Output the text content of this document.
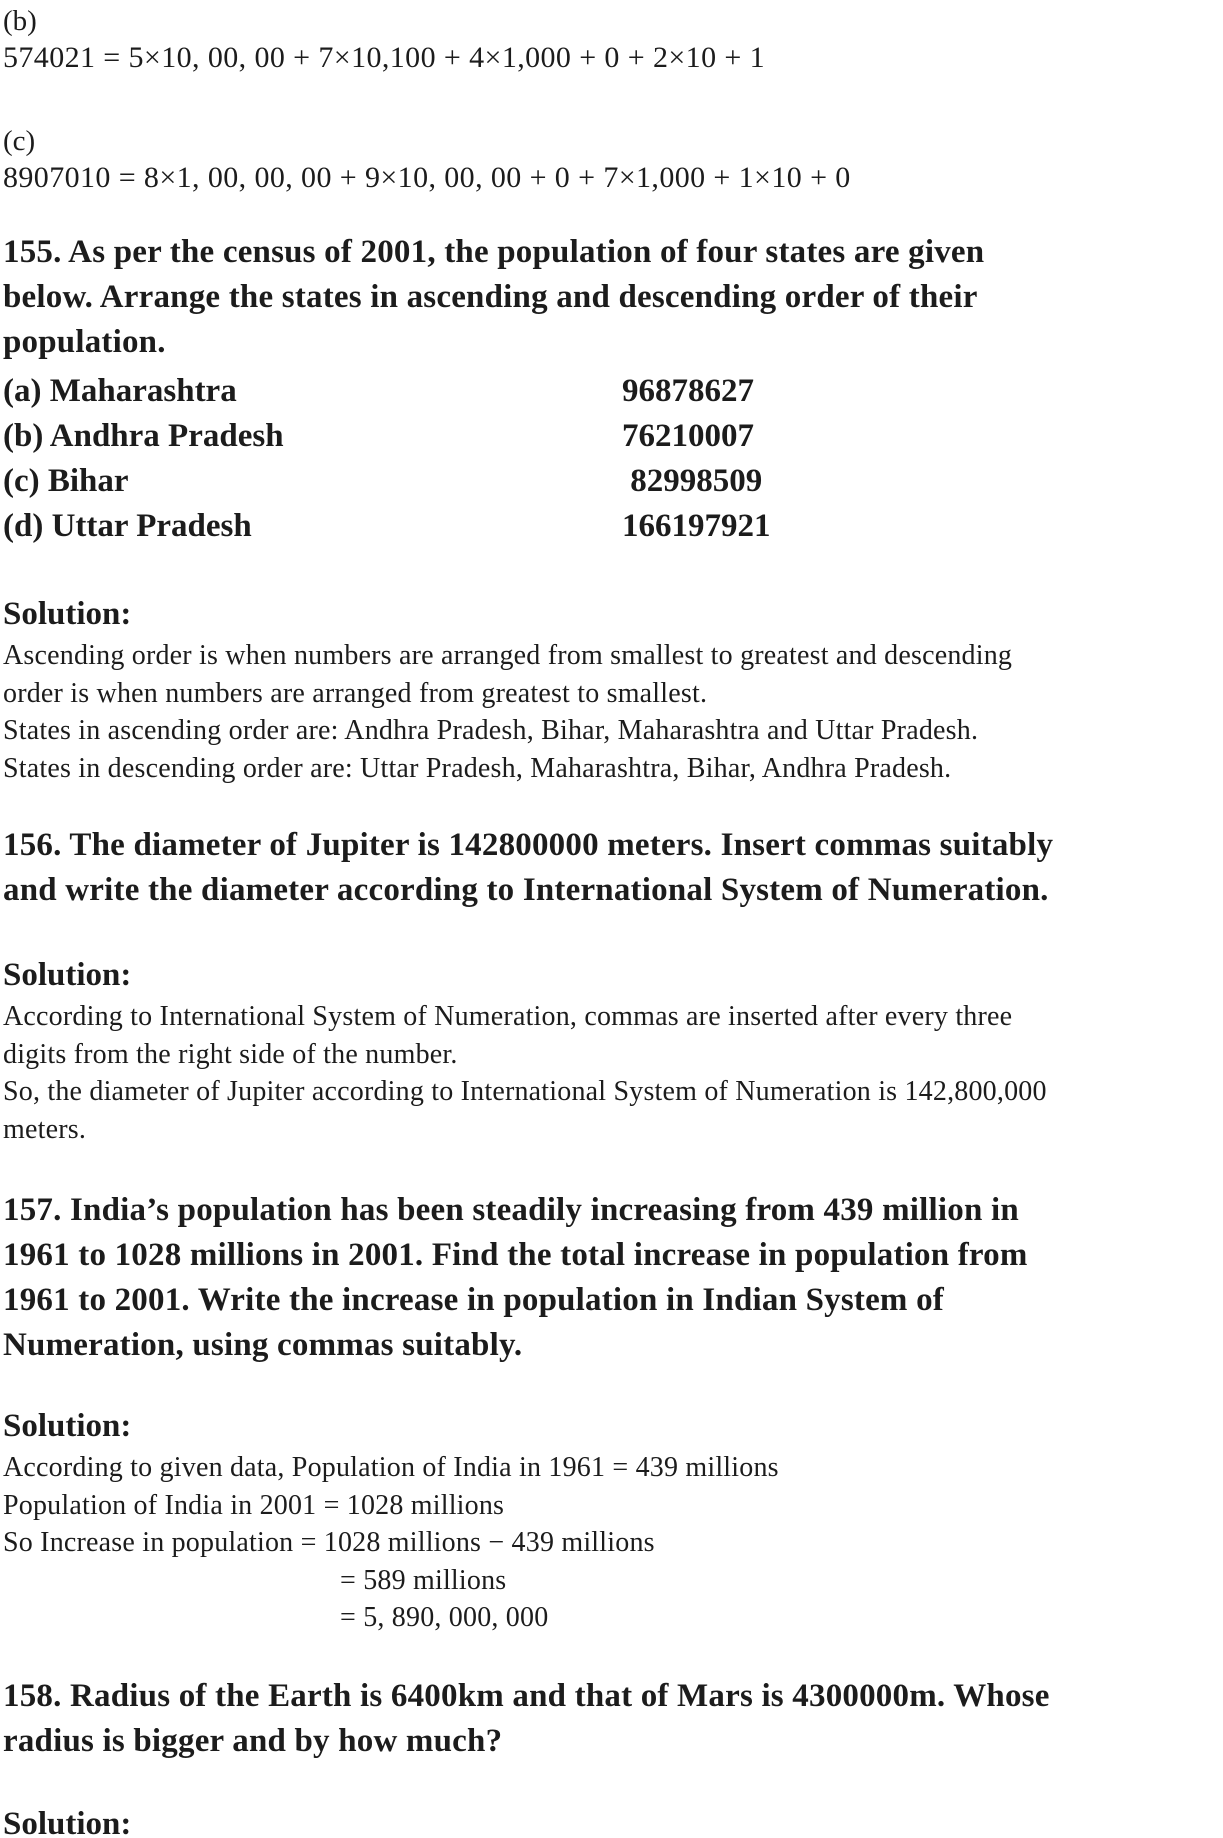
(b)
574021 = 5×10, 00, 00 + 7×10,100 + 4×1,000 + 0 + 2×10 + 1
(c)
8907010 = 8×1, 00, 00, 00 + 9×10, 00, 00 + 0 + 7×1,000 + 1×10 + 0
155. As per the census of 2001, the population of four states are given
below. Arrange the states in ascending and descending order of their
population.
(a) Maharashtra	96878627
(b) Andhra Pradesh	76210007
(c) Bihar	82998509
(d) Uttar Pradesh	166197921
Solution:
Ascending order is when numbers are arranged from smallest to greatest and descending
order is when numbers are arranged from greatest to smallest.
States in ascending order are: Andhra Pradesh, Bihar, Maharashtra and Uttar Pradesh.
States in descending order are: Uttar Pradesh, Maharashtra, Bihar, Andhra Pradesh.
156. The diameter of Jupiter is 142800000 meters. Insert commas suitably
and write the diameter according to International System of Numeration.
Solution:
According to International System of Numeration, commas are inserted after every three
digits from the right side of the number.
So, the diameter of Jupiter according to International System of Numeration is 142,800,000
meters.
157. India’s population has been steadily increasing from 439 million in
1961 to 1028 millions in 2001. Find the total increase in population from
1961 to 2001. Write the increase in population in Indian System of
Numeration, using commas suitably.
Solution:
According to given data, Population of India in 1961 = 439 millions
Population of India in 2001 = 1028 millions
So Increase in population = 1028 millions − 439 millions
= 589 millions
= 5, 890, 000, 000
158. Radius of the Earth is 6400km and that of Mars is 4300000m. Whose
radius is bigger and by how much?
Solution:
